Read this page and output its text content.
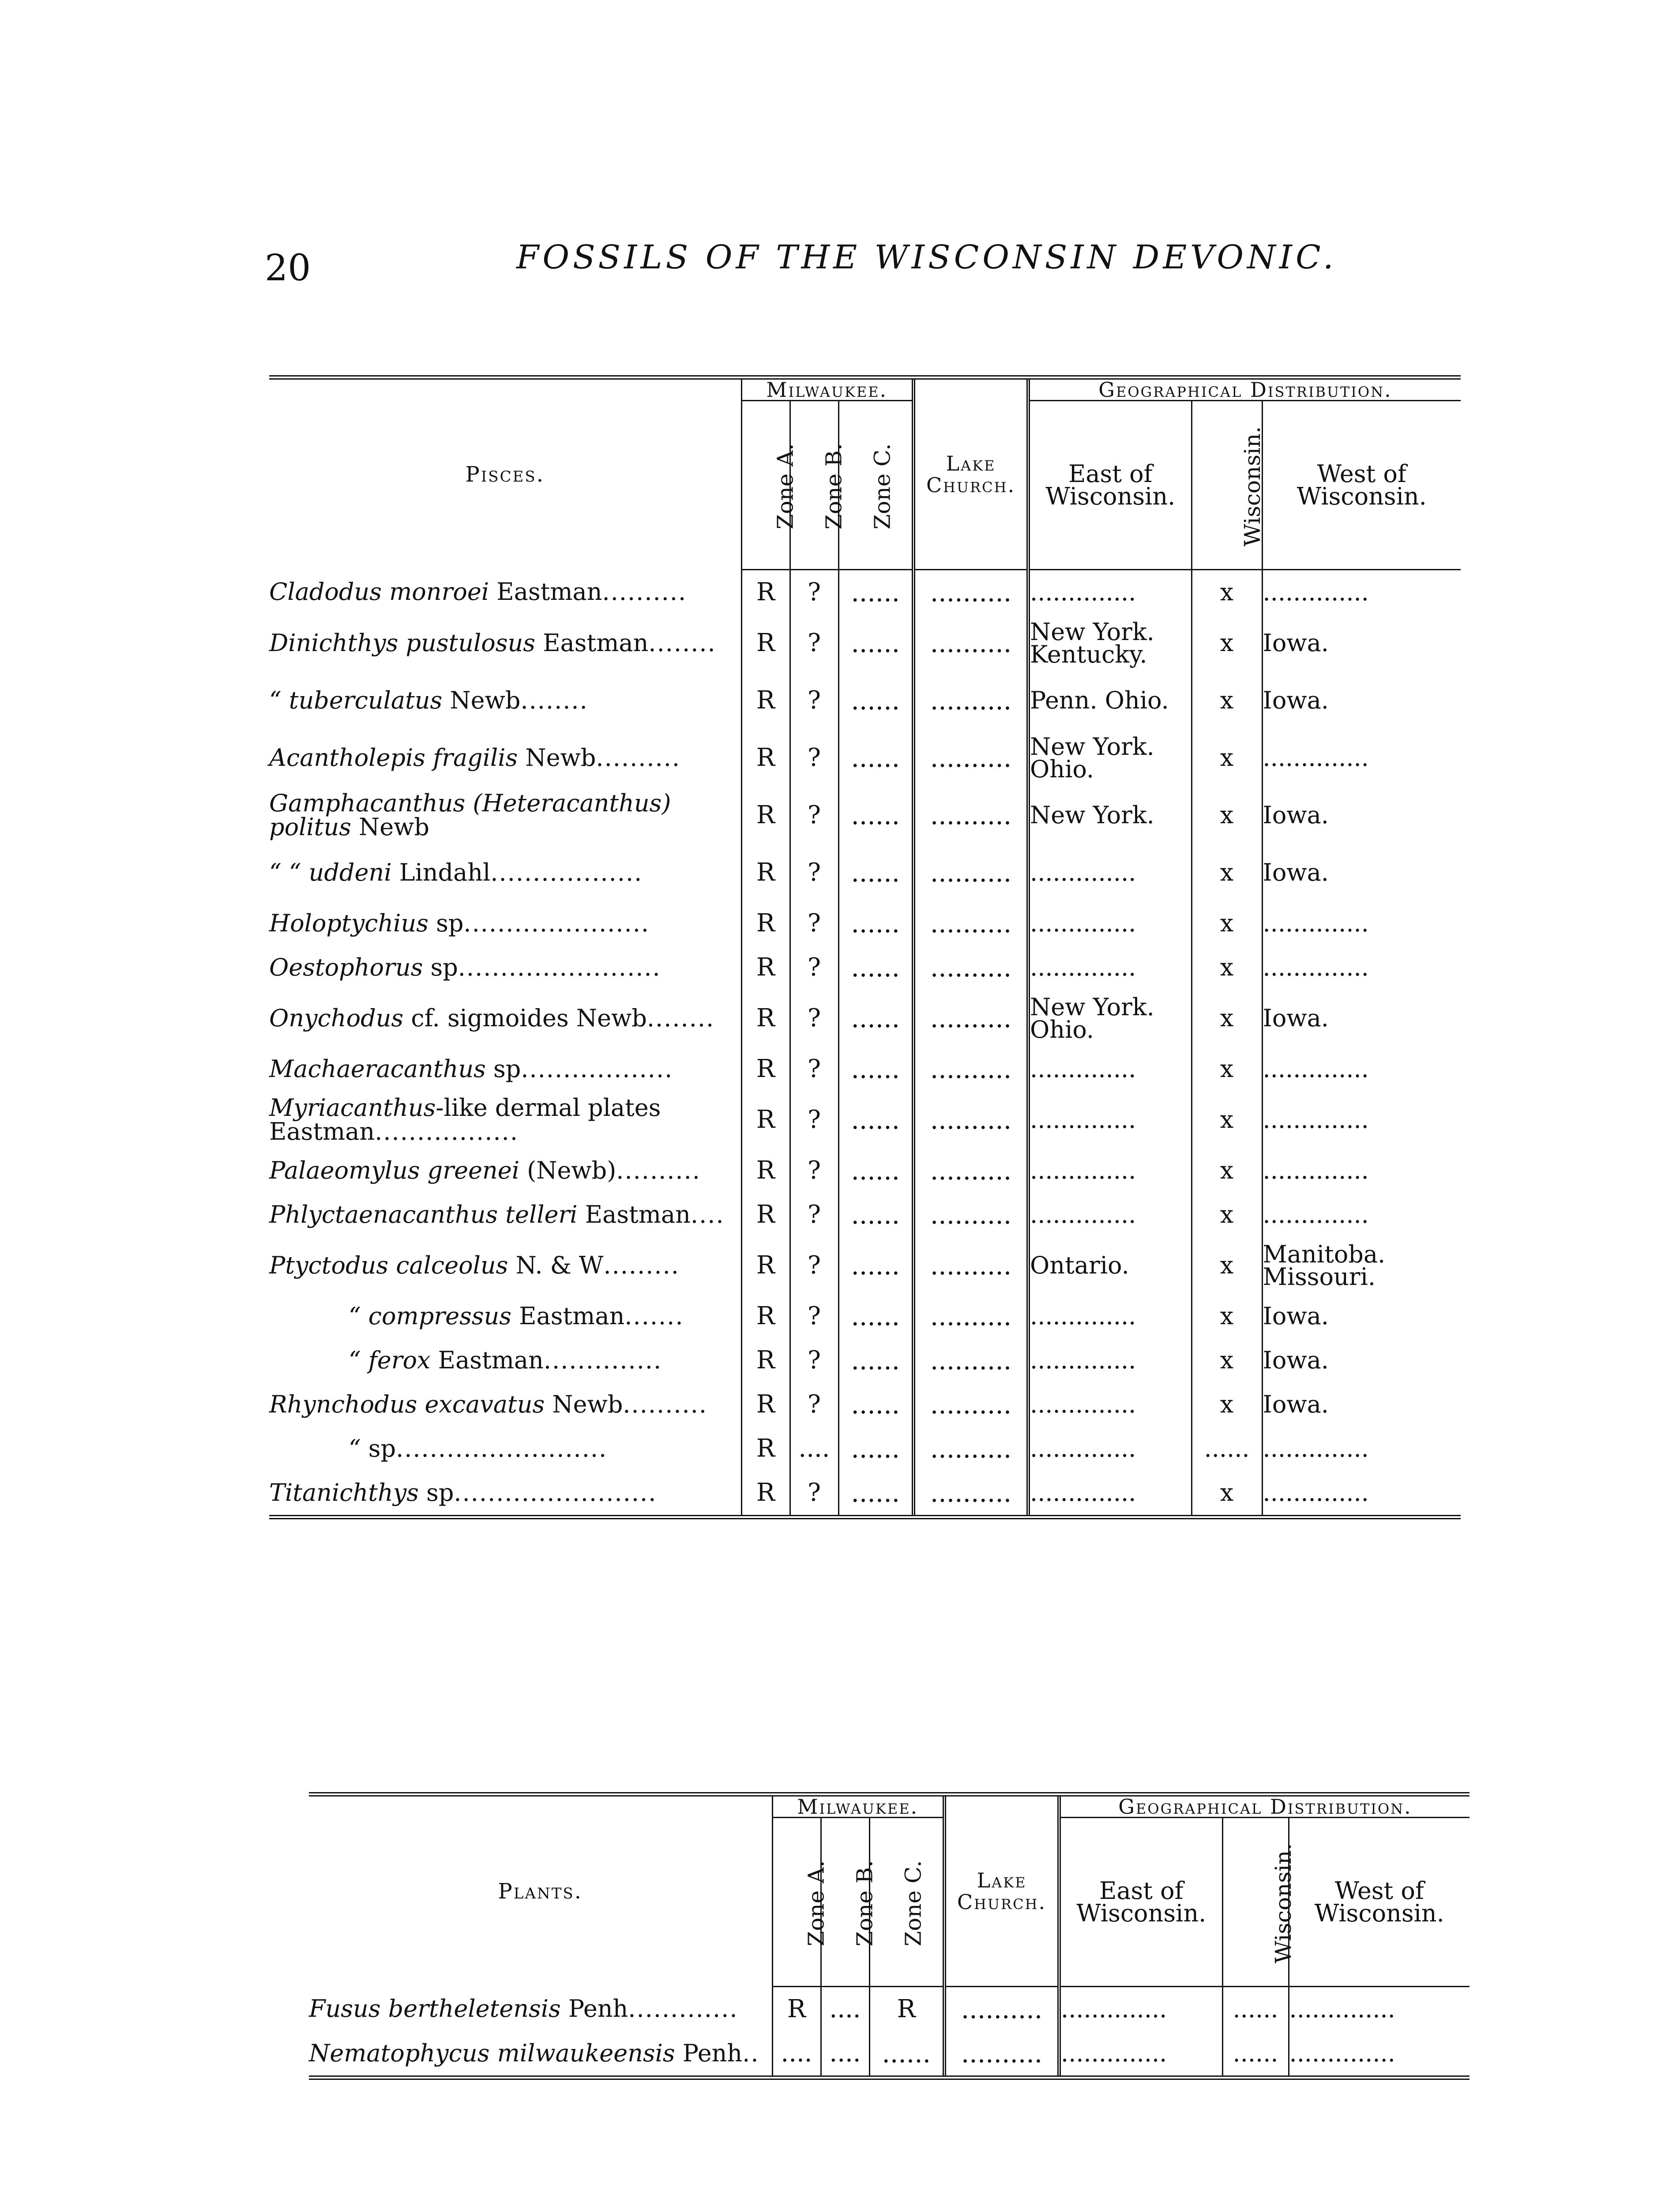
20	FOSSILS OF THE WISCONSIN DEVONIC.
Pisces.	Milwaukee.			Lake Church.	Geographical Distribution.		
	Zone A.	Zone B.	Zone C.		East of Wisconsin.	Wisconsin.	West of Wisconsin.
Cladodus monroei Eastman..........	R	?	......	..........	..............	x	..............
Dinichthys pustulosus Eastman........	R	?	......	..........	New York. Kentucky.	x	Iowa.
“ tuberculatus Newb........	R	?	......	..........	Penn. Ohio.	x	Iowa.
Acantholepis fragilis Newb..........	R	?	......	..........	New York. Ohio.	x	..............
Gamphacanthus (Heteracanthus) politus Newb	R	?	......	..........	New York.	x	Iowa.
“ “ uddeni Lindahl..................	R	?	......	..........	..............	x	Iowa.
Holoptychius sp......................	R	?	......	..........	..............	x	..............
Oestophorus sp........................	R	?	......	..........	..............	x	..............
Onychodus cf. sigmoides Newb........	R	?	......	..........	New York. Ohio.	x	Iowa.
Machaeracanthus sp..................	R	?	......	..........	..............	x	..............
Myriacanthus-like dermal plates Eastman.................	R	?	......	..........	..............	x	..............
Palaeomylus greenei (Newb)..........	R	?	......	..........	..............	x	..............
Phlyctaenacanthus telleri Eastman....	R	?	......	..........	..............	x	..............
Ptyctodus calceolus N. & W.........	R	?	......	..........	Ontario.	x	Manitoba. Missouri.
“ compressus Eastman.......	R	?	......	..........	..............	x	Iowa.
“ ferox Eastman..............	R	?	......	..........	..............	x	Iowa.
Rhynchodus excavatus Newb..........	R	?	......	..........	..............	x	Iowa.
“ sp.........................	R	....	......	..........	..............	......	..............
Titanichthys sp........................	R	?	......	..........	..............	x	..............
Plants.	Milwaukee.			Lake Church.	Geographical Distribution.		
	Zone A.	Zone B.	Zone C.		East of Wisconsin.	Wisconsin.	West of Wisconsin.
Fusus bertheletensis Penh.............	R	....	R	..........	..............	......	..............
Nematophycus milwaukeensis Penh..	....	....	......	..........	..............	......	..............
